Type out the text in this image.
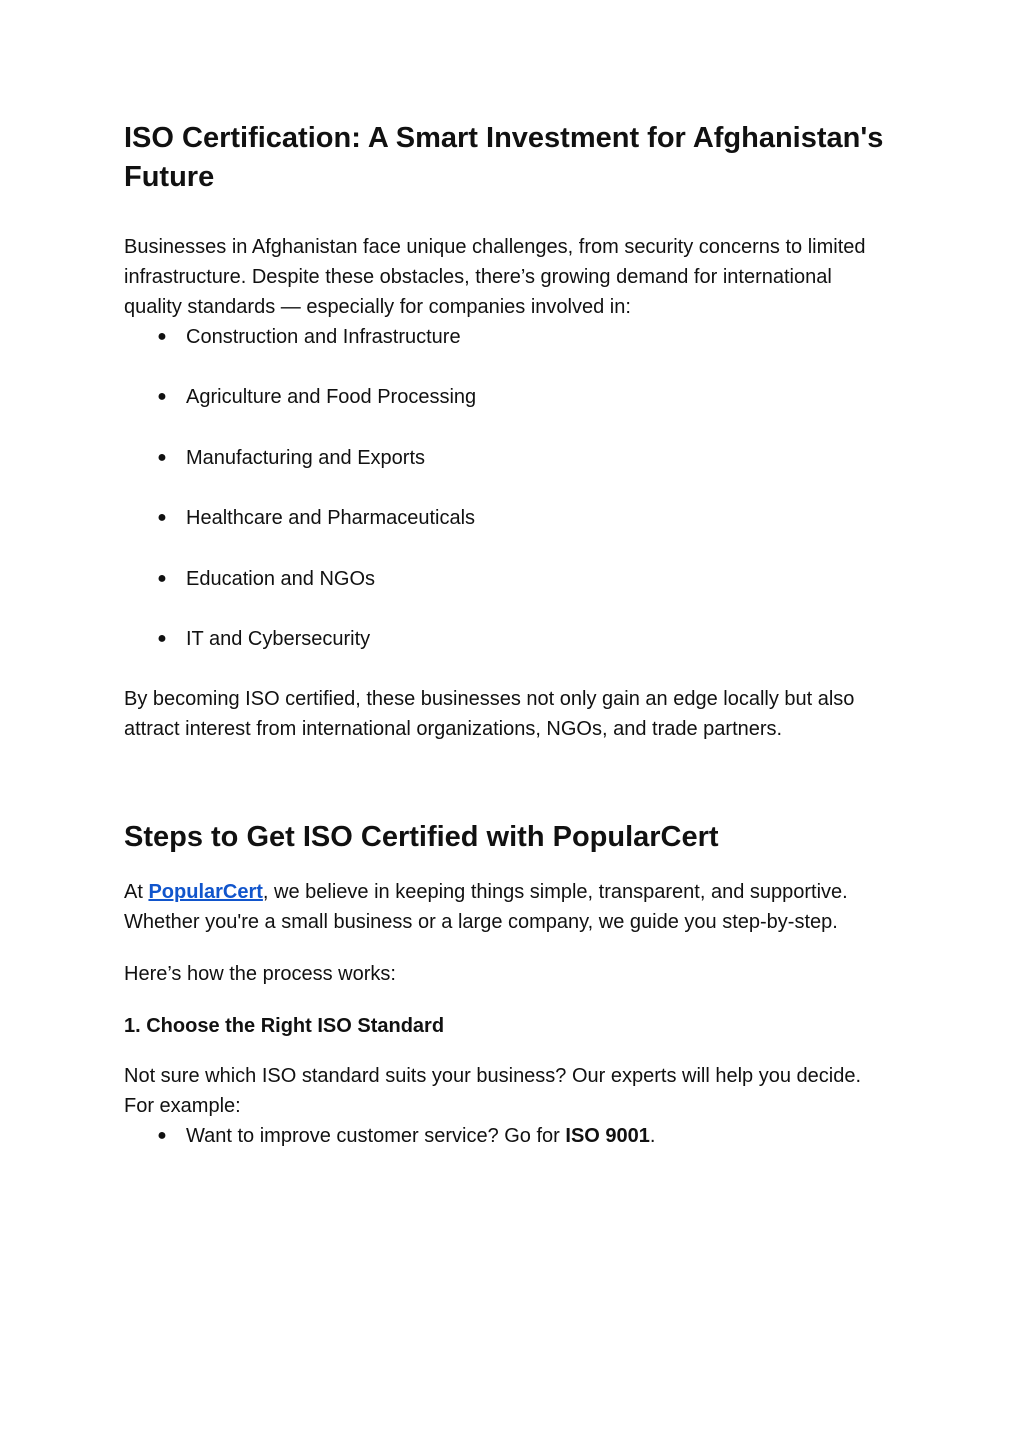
ISO Certification: A Smart Investment for Afghanistan's Future

Businesses in Afghanistan face unique challenges, from security concerns to limited infrastructure. Despite these obstacles, there’s growing demand for international quality standards — especially for companies involved in:

● Construction and Infrastructure
● Agriculture and Food Processing
● Manufacturing and Exports
● Healthcare and Pharmaceuticals
● Education and NGOs
● IT and Cybersecurity

By becoming ISO certified, these businesses not only gain an edge locally but also attract interest from international organizations, NGOs, and trade partners.

Steps to Get ISO Certified with PopularCert

At PopularCert, we believe in keeping things simple, transparent, and supportive. Whether you're a small business or a large company, we guide you step-by-step.

Here’s how the process works:

1. Choose the Right ISO Standard

Not sure which ISO standard suits your business? Our experts will help you decide. For example:

● Want to improve customer service? Go for ISO 9001.
